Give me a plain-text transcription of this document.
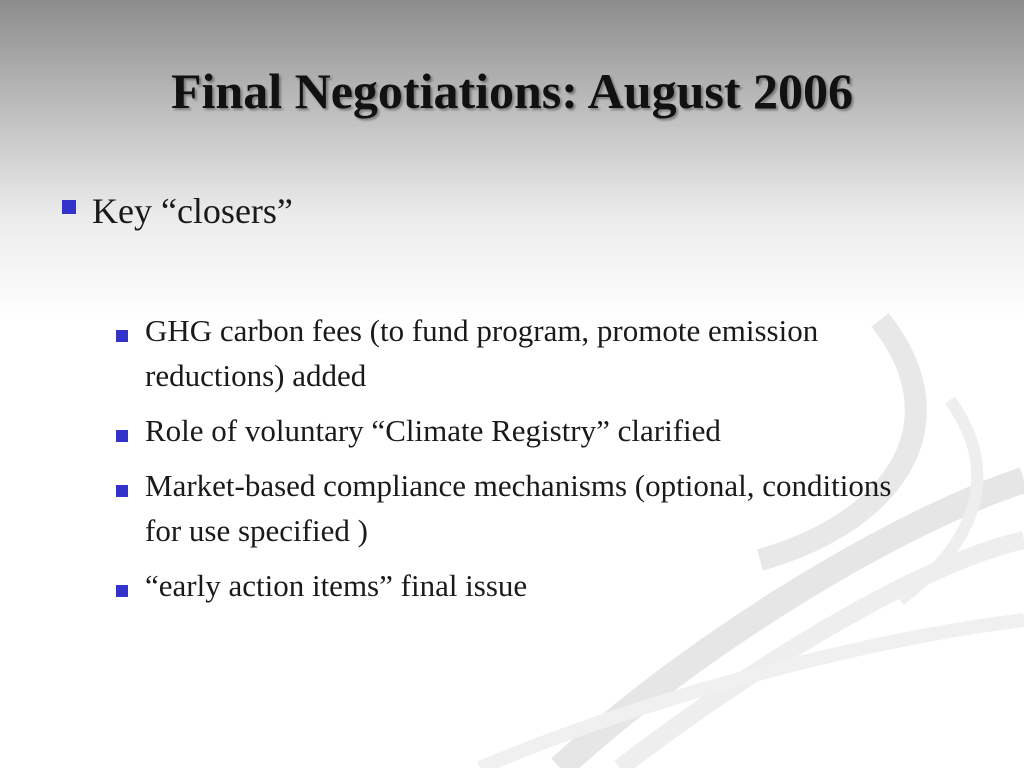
Final Negotiations: August 2006
Key “closers”
GHG carbon fees (to fund program, promote emission reductions) added
Role of voluntary “Climate Registry” clarified
Market-based compliance mechanisms (optional, conditions for use specified )
“early action items” final issue
